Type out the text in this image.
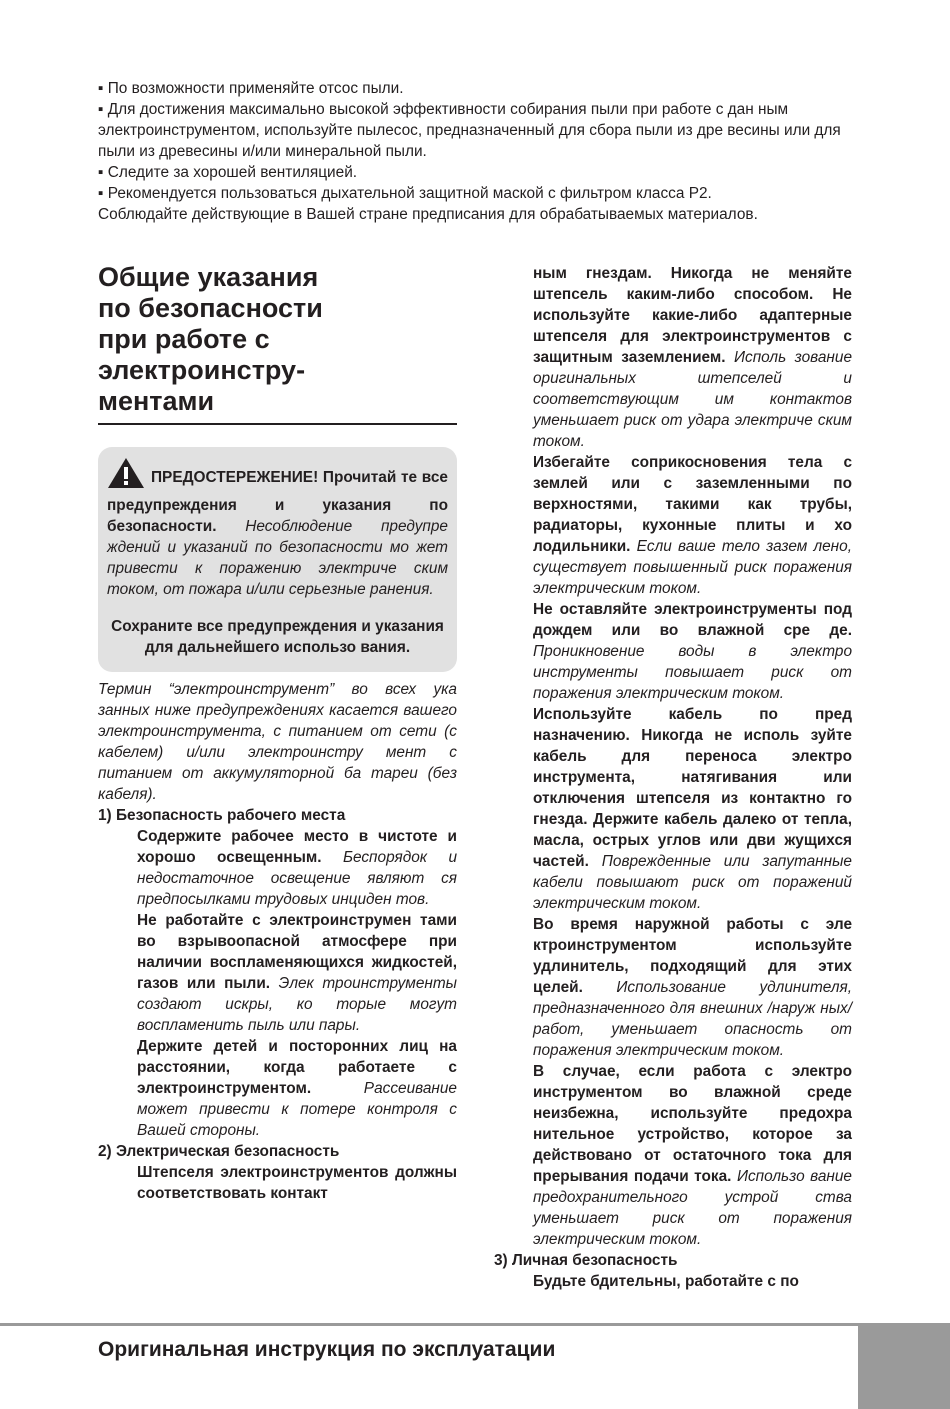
▪ По возможности применяйте отсос пыли.

▪ Для достижения максимально высокой эффективности собирания пыли при работе с дан ным электроинструментом, используйте пылесос, предназначенный для сбора пыли из дре весины или для пыли из древесины и/или минеральной пыли.

▪ Следите за хорошей вентиляцией.

▪ Рекомендуется пользоваться дыхательной защитной маской с фильтром класса Р2.

Соблюдайте действующие в Вашей стране предписания для обрабатываемых материалов.

Общие указания
по безопасности
при работе с
электроинстру-
ментами

ПРЕДОСТЕРЕЖЕНИЕ! Прочитай те все предупреждения и указания по безопасности. Несоблюдение предупре ждений и указаний по безопасности мо жет привести к поражению электриче ским током, от пожара и/или серьезные ранения.

Сохраните все предупреждения и указания для дальнейшего использо вания.

Термин “электроинструмент” во всех ука занных ниже предупреждениях касается вашего электроинструмента, с питанием от сети (с кабелем) и/или электроинстру мент с питанием от аккумуляторной ба тареи (без кабеля).

1) Безопасность рабочего места

Содержите рабочее место в чистоте и хорошо освещенным. Беспорядок и недостаточное освещение являют ся предпосылками трудовых инциден тов.

Не работайте с электроинструмен тами во взрывоопасной атмосфере при наличии воспламеняющихся жидкостей, газов или пыли. Элек троинструменты создают искры, ко торые могут воспламенить пыль или пары.

Держите детей и посторонних лиц на расстоянии, когда работаете с электроинструментом. Рассеивание может привести к потере контроля с Вашей стороны.

2) Электрическая безопасность

Штепселя электроинструментов должны соответствовать контакт

ным гнездам. Никогда не меняйте штепсель каким-либо способом. Не используйте какие-либо адаптерные штепселя для электроинструментов с защитным заземлением. Исполь зование оригинальных штепселей и соответствующим им контактов уменьшает риск от удара электриче ским током.

Избегайте соприкосновения тела с землей или с заземленными по верхностями, такими как трубы, радиаторы, кухонные плиты и хо лодильники. Если ваше тело зазем лено, существует повышенный риск поражения электрическим током.

Не оставляйте электроинструменты под дождем или во влажной сре де. Проникновение воды в электро инструменты повышает риск от поражения электрическим током.

Используйте кабель по пред назначению. Никогда не исполь зуйте кабель для переноса электро инструмента, натягивания или отключения штепселя из контактно го гнезда. Держите кабель далеко от тепла, масла, острых углов или дви жущихся частей. Поврежденные или запутанные кабели повышают риск от поражений электрическим током.

Во время наружной работы с эле ктроинструментом используйте удлинитель, подходящий для этих целей. Использование удлинителя, предназначенного для внешних /наруж ных/ работ, уменьшает опасность от поражения электрическим током.

В случае, если работа с электро инструментом во влажной среде неизбежна, используйте предохра нительное устройство, которое за действовано от остаточного тока для прерывания подачи тока. Использо вание предохранительного устрой ства уменьшает риск от поражения электрическим током.

3) Личная безопасность

Будьте бдительны, работайте с по

Оригинальная инструкция по эксплуатации
